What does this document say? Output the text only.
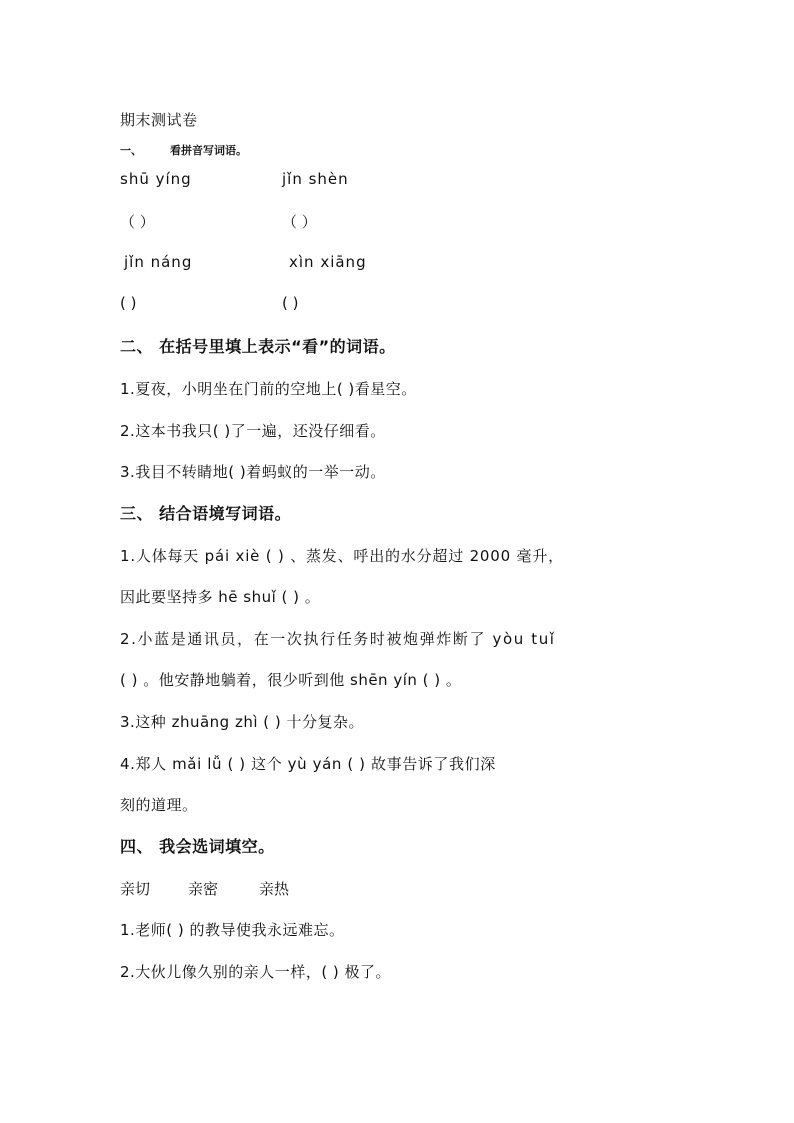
期末测试卷
一、	看拼音写词语。
shū yíng	jǐn shèn
（ ）	（ ）
jǐn náng	xìn xiāng
( )	( )
二、 在括号里填上表示“看”的词语。
1.夏夜，小明坐在门前的空地上( )看星空。
2.这本书我只( )了一遍，还没仔细看。
3.我目不转睛地( )着蚂蚁的一举一动。
三、 结合语境写词语。
1.人体每天 pái xiè ( ) 、蒸发、呼出的水分超过 2000 毫升，
因此要坚持多 hē shuǐ ( ) 。
2.小蓝是通讯员，在一次执行任务时被炮弹炸断了 yòu tuǐ
( ) 。他安静地躺着，很少听到他 shēn yín ( ) 。
3.这种 zhuāng zhì ( ) 十分复杂。
4.郑人 mǎi lǚ ( ) 这个 yù yán ( ) 故事告诉了我们深
刻的道理。
四、 我会选词填空。
亲切	亲密	亲热
1.老师( ) 的教导使我永远难忘。
2.大伙儿像久别的亲人一样，( ) 极了。
